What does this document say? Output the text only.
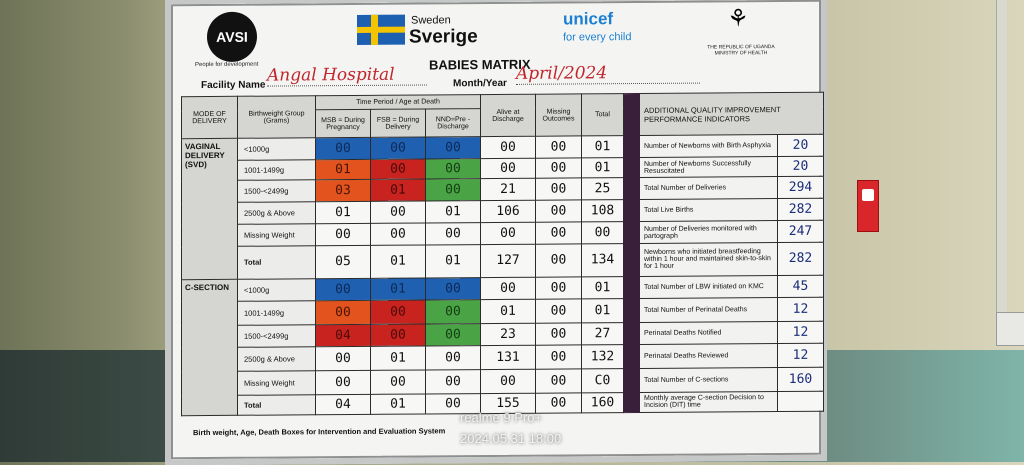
AVSI
People for development
Sweden
Sverige
unicef
for every child
⚘
THE REPUBLIC OF UGANDA MINISTRY OF HEALTH
BABIES MATRIX
Facility Name Angal Hospital	Month/Year April/2024
MODE OF DELIVERY	Birthweight Group (Grams)	Time Period / Age at Death			Alive at Discharge	Missing Outcomes	Total		ADDITIONAL QUALITY IMPROVEMENT PERFORMANCE INDICATORS	
		MSB = During Pregnancy	FSB = During Delivery	NND=Pre - Discharge						
VAGINAL DELIVERY (SVD)	<1000g	00	00	00	00	00	01		Number of Newborns with Birth Asphyxia	20
	1001-1499g	01	00	00	00	00	01		Number of Newborns Successfully Resuscitated	20
	1500-<2499g	03	01	00	21	00	25		Total Number of Deliveries	294
	2500g & Above	01	00	01	106	00	108		Total Live Births	282
	Missing Weight	00	00	00	00	00	00		Number of Deliveries monitored with partograph	247
	Total	05	01	01	127	00	134		Newborns who initiated breastfeeding within 1 hour and maintained skin-to-skin for 1 hour	282
C-SECTION	<1000g	00	01	00	00	00	01		Total Number of LBW initiated on KMC	45
	1001-1499g	00	00	00	01	00	01		Total Number of Perinatal Deaths	12
	1500-<2499g	04	00	00	23	00	27		Perinatal Deaths Notified	12
	2500g & Above	00	01	00	131	00	132		Perinatal Deaths Reviewed	12
	Missing Weight	00	00	00	00	00	C0		Total Number of C-sections	160
	Total	04	01	00	155	00	160		Monthly average C-section Decision to Incision (DIT) time	
Birth weight, Age, Death Boxes for Intervention and Evaluation System
realme 9 Pro+
2024.05.31 18:00
